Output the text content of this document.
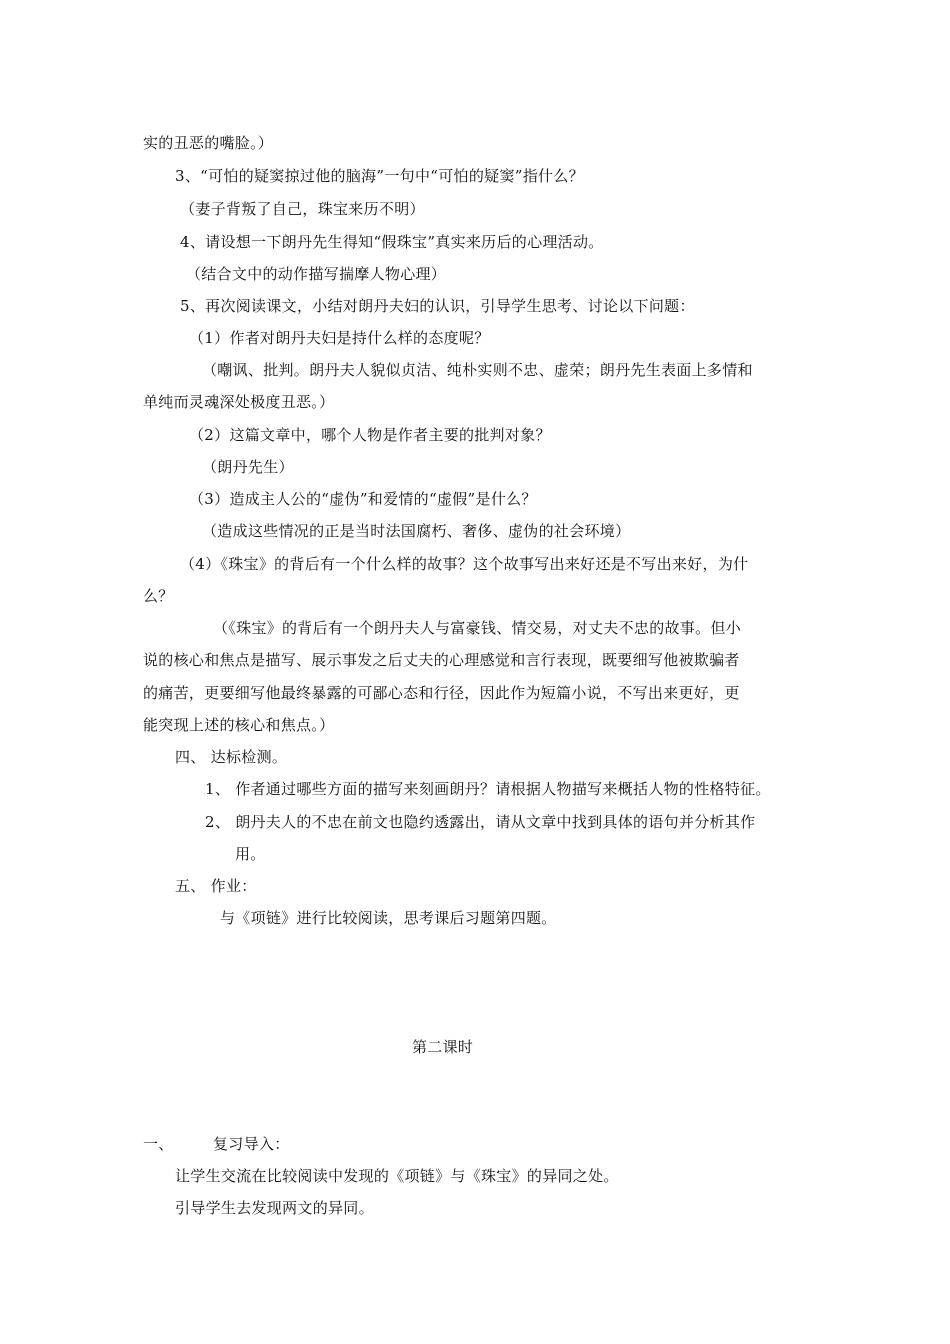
实的丑恶的嘴脸。）
3、“可怕的疑窦掠过他的脑海”一句中“可怕的疑窦”指什么？
（妻子背叛了自己，珠宝来历不明）
4、请设想一下朗丹先生得知“假珠宝”真实来历后的心理活动。
（结合文中的动作描写揣摩人物心理）
5、再次阅读课文，小结对朗丹夫妇的认识，引导学生思考、讨论以下问题：
（1）作者对朗丹夫妇是持什么样的态度呢？
（嘲讽、批判。朗丹夫人貌似贞洁、纯朴实则不忠、虚荣；朗丹先生表面上多情和
单纯而灵魂深处极度丑恶。）
（2）这篇文章中，哪个人物是作者主要的批判对象？
（朗丹先生）
（3）造成主人公的“虚伪”和爱情的“虚假”是什么？
（造成这些情况的正是当时法国腐朽、奢侈、虚伪的社会环境）
（4）《珠宝》的背后有一个什么样的故事？这个故事写出来好还是不写出来好，为什
么？
（《珠宝》的背后有一个朗丹夫人与富豪钱、情交易，对丈夫不忠的故事。但小
说的核心和焦点是描写、展示事发之后丈夫的心理感觉和言行表现，既要细写他被欺骗者
的痛苦，更要细写他最终暴露的可鄙心态和行径，因此作为短篇小说，不写出来更好，更
能突现上述的核心和焦点。）
四、 达标检测。
1、 作者通过哪些方面的描写来刻画朗丹？请根据人物描写来概括人物的性格特征。
2、 朗丹夫人的不忠在前文也隐约透露出，请从文章中找到具体的语句并分析其作
用。
五、 作业：
与《项链》进行比较阅读，思考课后习题第四题。
第二课时
一、	复习导入：
让学生交流在比较阅读中发现的《项链》与《珠宝》的异同之处。
引导学生去发现两文的异同。
